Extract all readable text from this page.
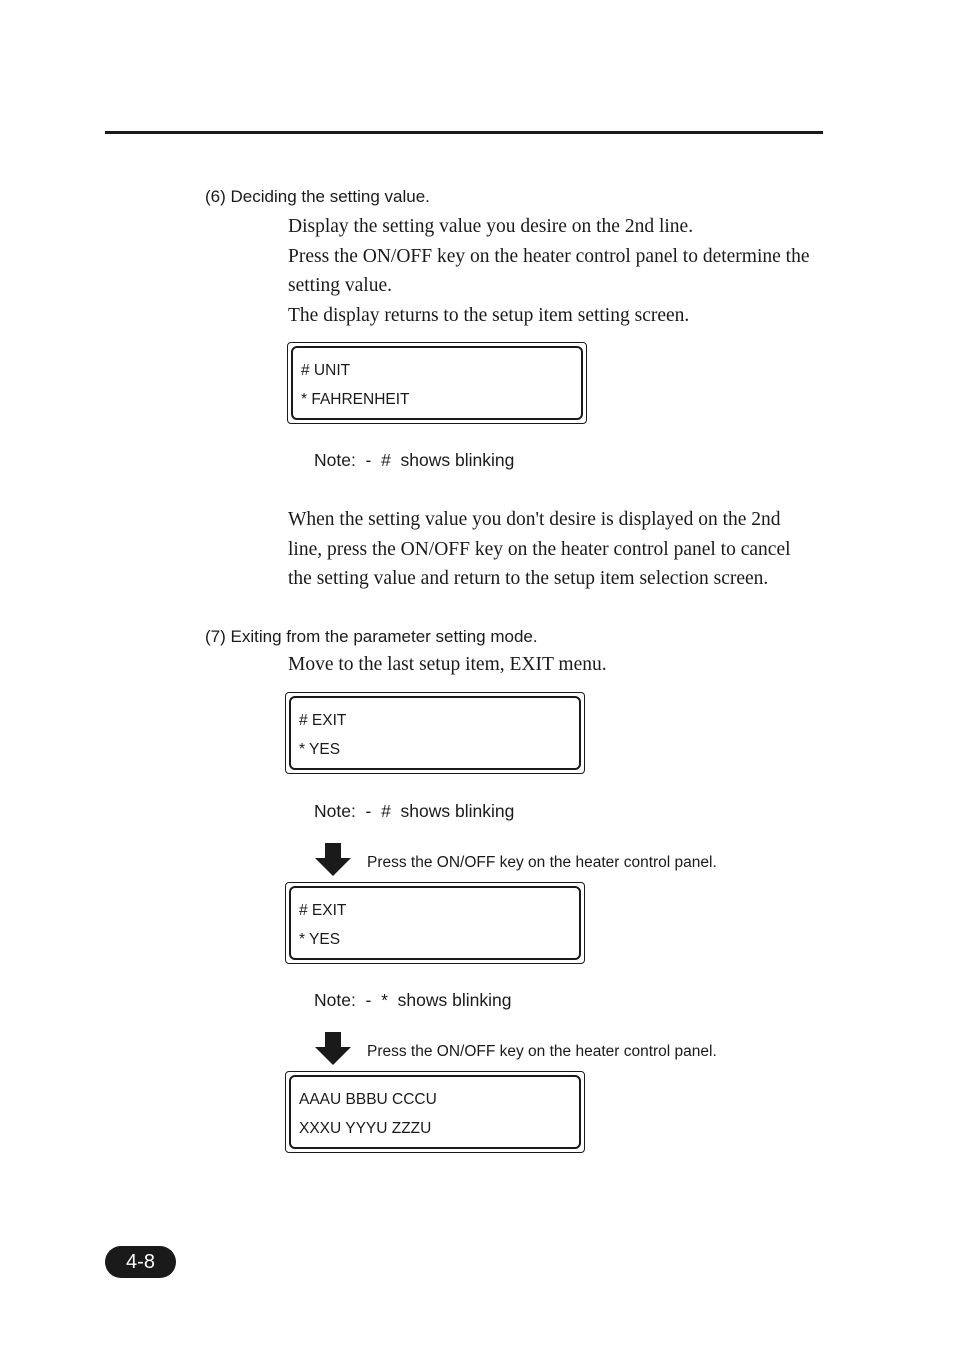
(6) Deciding the setting value.
Display the setting value you desire on the 2nd line.
Press the ON/OFF key on the heater control panel to determine the
setting value.
The display returns to the setup item setting screen.
# UNIT
* FAHRENHEIT
Note:  -  #  shows blinking
When the setting value you don't desire is displayed on the 2nd
line, press the ON/OFF key on the heater control panel to cancel
the setting value and return to the setup item selection screen.
(7) Exiting from the parameter setting mode.
Move to the last setup item, EXIT menu.
# EXIT
* YES
Note:  -  #  shows blinking
Press the ON/OFF key on the heater control panel.
# EXIT
* YES
Note:  -  *  shows blinking
Press the ON/OFF key on the heater control panel.
AAAU BBBU CCCU
XXXU YYYU ZZZU
4-8
